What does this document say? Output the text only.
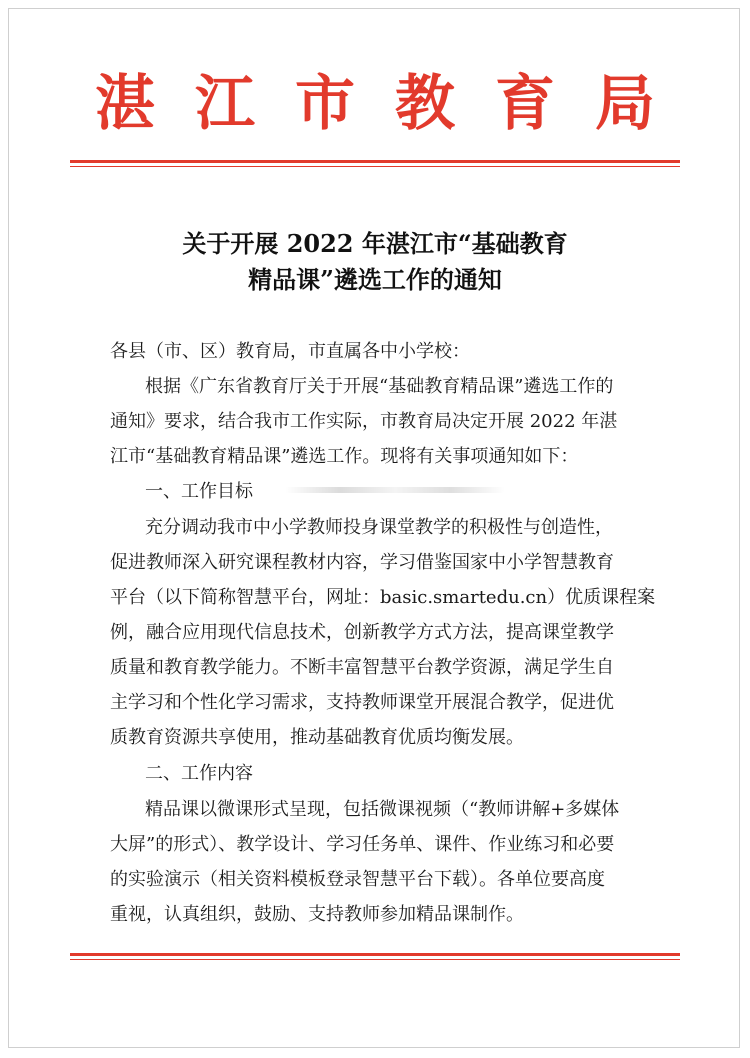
湛江市教育局
关于开展 2022 年湛江市“基础教育
精品课”遴选工作的通知
各县（市、区）教育局，市直属各中小学校：
根据《广东省教育厅关于开展“基础教育精品课”遴选工作的
通知》要求，结合我市工作实际，市教育局决定开展 2022 年湛
江市“基础教育精品课”遴选工作。现将有关事项通知如下：
一、工作目标
充分调动我市中小学教师投身课堂教学的积极性与创造性，
促进教师深入研究课程教材内容，学习借鉴国家中小学智慧教育
平台（以下简称智慧平台，网址：basic.smartedu.cn）优质课程案
例，融合应用现代信息技术，创新教学方式方法，提高课堂教学
质量和教育教学能力。不断丰富智慧平台教学资源，满足学生自
主学习和个性化学习需求，支持教师课堂开展混合教学，促进优
质教育资源共享使用，推动基础教育优质均衡发展。
二、工作内容
精品课以微课形式呈现，包括微课视频（“教师讲解+多媒体
大屏”的形式）、教学设计、学习任务单、课件、作业练习和必要
的实验演示（相关资料模板登录智慧平台下载）。各单位要高度
重视，认真组织，鼓励、支持教师参加精品课制作。
